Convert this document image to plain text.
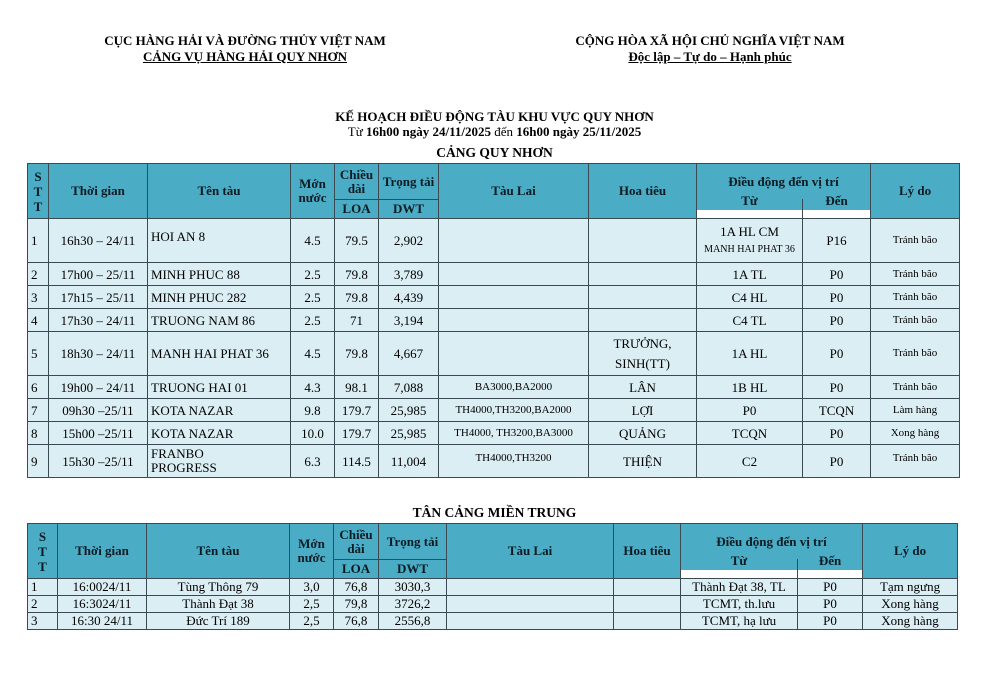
CỤC HÀNG HẢI VÀ ĐƯỜNG THỦY VIỆT NAM
CẢNG VỤ HÀNG HẢI QUY NHƠN
CỘNG HÒA XÃ HỘI CHỦ NGHĨA VIỆT NAM
Độc lập – Tự do – Hạnh phúc
KẾ HOẠCH ĐIỀU ĐỘNG TÀU KHU VỰC QUY NHƠN
Từ 16h00 ngày 24/11/2025 đến 16h00 ngày 25/11/2025
CẢNG QUY NHƠN
S
T
T	Thời gian	Tên tàu	Mớn nước	Chiều dài	Trọng tải	Tàu Lai	Hoa tiêu	Điều động đến vị trí		Lý do
				LOA	DWT			Từ	Đến	
1	16h30 – 24/11	HOI AN 8	4.5	79.5	2,902			1A HL CM
MANH HAI PHAT 36	P16	Tránh bão
2	17h00 – 25/11	MINH PHUC 88	2.5	79.8	3,789			1A TL	P0	Tránh bão
3	17h15 – 25/11	MINH PHUC 282	2.5	79.8	4,439			C4 HL	P0	Tránh bão
4	17h30 – 24/11	TRUONG NAM 86	2.5	71	3,194			C4 TL	P0	Tránh bão
5	18h30 – 24/11	MANH HAI PHAT 36	4.5	79.8	4,667		TRƯỞNG,
SINH(TT)	1A HL	P0	Tránh bão
6	19h00 – 24/11	TRUONG HAI 01	4.3	98.1	7,088	BA3000,BA2000	LÂN	1B HL	P0	Tránh bão
7	09h30 –25/11	KOTA NAZAR	9.8	179.7	25,985	TH4000,TH3200,BA2000	LỢI	P0	TCQN	Làm hàng
8	15h00 –25/11	KOTA NAZAR	10.0	179.7	25,985	TH4000, TH3200,BA3000	QUẢNG	TCQN	P0	Xong hàng
9	15h30 –25/11	FRANBO
PROGRESS	6.3	114.5	11,004	TH4000,TH3200	THIỆN	C2	P0	Tránh bão
TÂN CẢNG MIỀN TRUNG
S
T
T	Thời gian	Tên tàu	Mớn nước	Chiều dài	Trọng tải	Tàu Lai	Hoa tiêu	Điều động đến vị trí		Lý do
				LOA	DWT			Từ	Đến	
1	16:0024/11	Tùng Thông 79	3,0	76,8	3030,3			Thành Đạt 38, TL	P0	Tạm ngưng
2	16:3024/11	Thành Đạt 38	2,5	79,8	3726,2			TCMT, th.lưu	P0	Xong hàng
3	16:30 24/11	Đức Trí 189	2,5	76,8	2556,8			TCMT, hạ lưu	P0	Xong hàng
